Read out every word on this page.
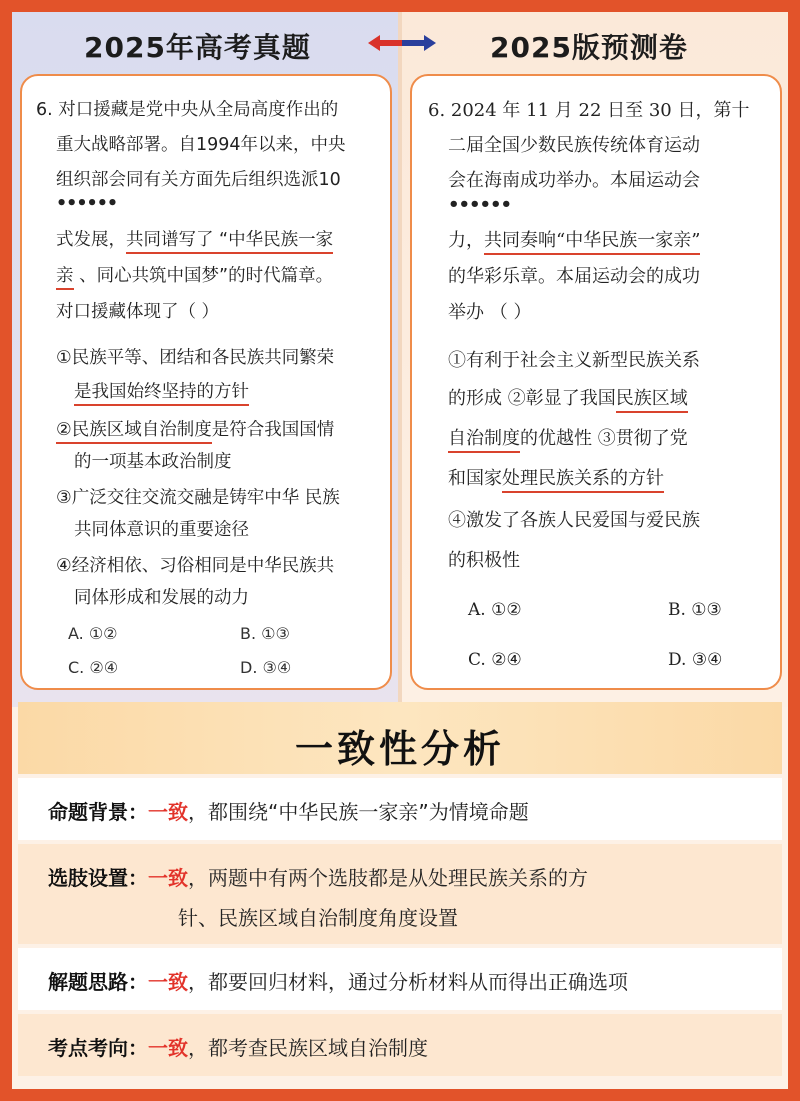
2025年高考真题	2025版预测卷
6. 对口援藏是党中央从全局高度作出的
重大战略部署。自1994年以来，中央
组织部会同有关方面先后组织选派10
••••••
式发展，共同谱写了 “中华民族一家
亲 、同心共筑中国梦”的时代篇章。
对口援藏体现了（ ）
①民族平等、团结和各民族共同繁荣
是我国始终坚持的方针
②民族区域自治制度是符合我国国情
的一项基本政治制度
③广泛交往交流交融是铸牢中华 民族
共同体意识的重要途径
④经济相依、习俗相同是中华民族共
同体形成和发展的动力
A. ①②	B. ①③
C. ②④	D. ③④
6. 2024 年 11 月 22 日至 30 日，第十
二届全国少数民族传统体育运动
会在海南成功举办。本届运动会
••••••
力，共同奏响“中华民族一家亲”
的华彩乐章。本届运动会的成功
举办 （ ）
①有利于社会主义新型民族关系
的形成 ②彰显了我国民族区域
自治制度的优越性 ③贯彻了党
和国家处理民族关系的方针
④激发了各族人民爱国与爱民族
的积极性
A. ①②	B. ①③
C. ②④	D. ③④
一致性分析
命题背景：一致，都围绕“中华民族一家亲”为情境命题
选肢设置：一致，两题中有两个选肢都是从处理民族关系的方
针、民族区域自治制度角度设置
解题思路：一致，都要回归材料，通过分析材料从而得出正确选项
考点考向：一致，都考查民族区域自治制度
